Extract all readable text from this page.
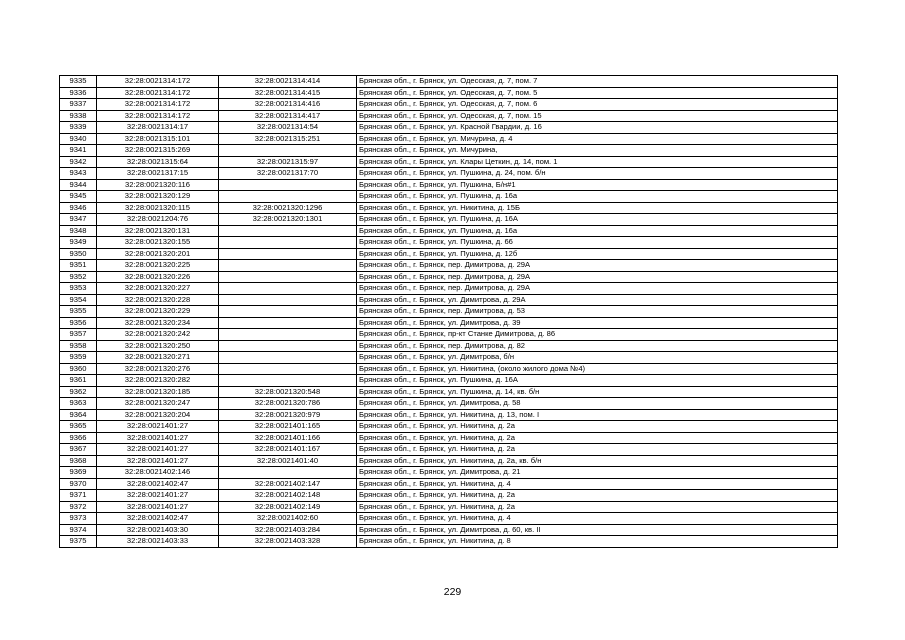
9335	32:28:0021314:172	32:28:0021314:414	Брянская обл., г. Брянск, ул. Одесская, д. 7, пом. 7
9336	32:28:0021314:172	32:28:0021314:415	Брянская обл., г. Брянск, ул. Одесская, д. 7, пом. 5
9337	32:28:0021314:172	32:28:0021314:416	Брянская обл., г. Брянск, ул. Одесская, д. 7, пом. 6
9338	32:28:0021314:172	32:28:0021314:417	Брянская обл., г. Брянск, ул. Одесская, д. 7, пом. 15
9339	32:28:0021314:17	32:28:0021314:54	Брянская обл., г. Брянск, ул. Красной Гвардии, д. 16
9340	32:28:0021315:101	32:28:0021315:251	Брянская обл., г. Брянск, ул. Мичурина, д. 4
9341	32:28:0021315:269		Брянская обл., г. Брянск, ул. Мичурина,
9342	32:28:0021315:64	32:28:0021315:97	Брянская обл., г. Брянск, ул. Клары Цеткин, д. 14, пом. 1
9343	32:28:0021317:15	32:28:0021317:70	Брянская обл., г. Брянск, ул. Пушкина, д. 24, пом. б/н
9344	32:28:0021320:116		Брянская обл., г. Брянск, ул. Пушкина, Б/н#1
9345	32:28:0021320:129		Брянская обл., г. Брянск, ул. Пушкина, д. 16а
9346	32:28:0021320:115	32:28:0021320:1296	Брянская обл., г. Брянск, ул. Никитина, д. 15Б
9347	32:28:0021204:76	32:28:0021320:1301	Брянская обл., г. Брянск, ул. Пушкина, д. 16А
9348	32:28:0021320:131		Брянская обл., г. Брянск, ул. Пушкина, д. 16а
9349	32:28:0021320:155		Брянская обл., г. Брянск, ул. Пушкина, д. 66
9350	32:28:0021320:201		Брянская обл., г. Брянск, ул. Пушкина, д. 12б
9351	32:28:0021320:225		Брянская обл., г. Брянск, пер. Димитрова, д. 29А
9352	32:28:0021320:226		Брянская обл., г. Брянск, пер. Димитрова, д. 29А
9353	32:28:0021320:227		Брянская обл., г. Брянск, пер. Димитрова, д. 29А
9354	32:28:0021320:228		Брянская обл., г. Брянск, ул. Димитрова, д. 29А
9355	32:28:0021320:229		Брянская обл., г. Брянск, пер. Димитрова, д. 53
9356	32:28:0021320:234		Брянская обл., г. Брянск, ул. Димитрова, д. 39
9357	32:28:0021320:242		Брянская обл., г. Брянск, пр-кт Станке Димитрова, д. 86
9358	32:28:0021320:250		Брянская обл., г. Брянск, пер. Димитрова, д. 82
9359	32:28:0021320:271		Брянская обл., г. Брянск, ул. Димитрова, б/н
9360	32:28:0021320:276		Брянская обл., г. Брянск, ул. Никитина, (около жилого дома №4)
9361	32:28:0021320:282		Брянская обл., г. Брянск, ул. Пушкина, д. 16А
9362	32:28:0021320:185	32:28:0021320:548	Брянская обл., г. Брянск, ул. Пушкина, д. 14, кв. б/н
9363	32:28:0021320:247	32:28:0021320:786	Брянская обл., г. Брянск, ул. Димитрова, д. 58
9364	32:28:0021320:204	32:28:0021320:979	Брянская обл., г. Брянск, ул. Никитина, д. 13, пом. I
9365	32:28:0021401:27	32:28:0021401:165	Брянская обл., г. Брянск, ул. Никитина, д. 2а
9366	32:28:0021401:27	32:28:0021401:166	Брянская обл., г. Брянск, ул. Никитина, д. 2а
9367	32:28:0021401:27	32:28:0021401:167	Брянская обл., г. Брянск, ул. Никитина, д. 2а
9368	32:28:0021401:27	32:28:0021401:40	Брянская обл., г. Брянск, ул. Никитина, д. 2а, кв. б/н
9369	32:28:0021402:146		Брянская обл., г. Брянск, ул. Димитрова, д. 21
9370	32:28:0021402:47	32:28:0021402:147	Брянская обл., г. Брянск, ул. Никитина, д. 4
9371	32:28:0021401:27	32:28:0021402:148	Брянская обл., г. Брянск, ул. Никитина, д. 2а
9372	32:28:0021401:27	32:28:0021402:149	Брянская обл., г. Брянск, ул. Никитина, д. 2а
9373	32:28:0021402:47	32:28:0021402:60	Брянская обл., г. Брянск, ул. Никитина, д. 4
9374	32:28:0021403:30	32:28:0021403:284	Брянская обл., г. Брянск, ул. Димитрова, д. 60, кв. II
9375	32:28:0021403:33	32:28:0021403:328	Брянская обл., г. Брянск, ул. Никитина, д. 8
229
